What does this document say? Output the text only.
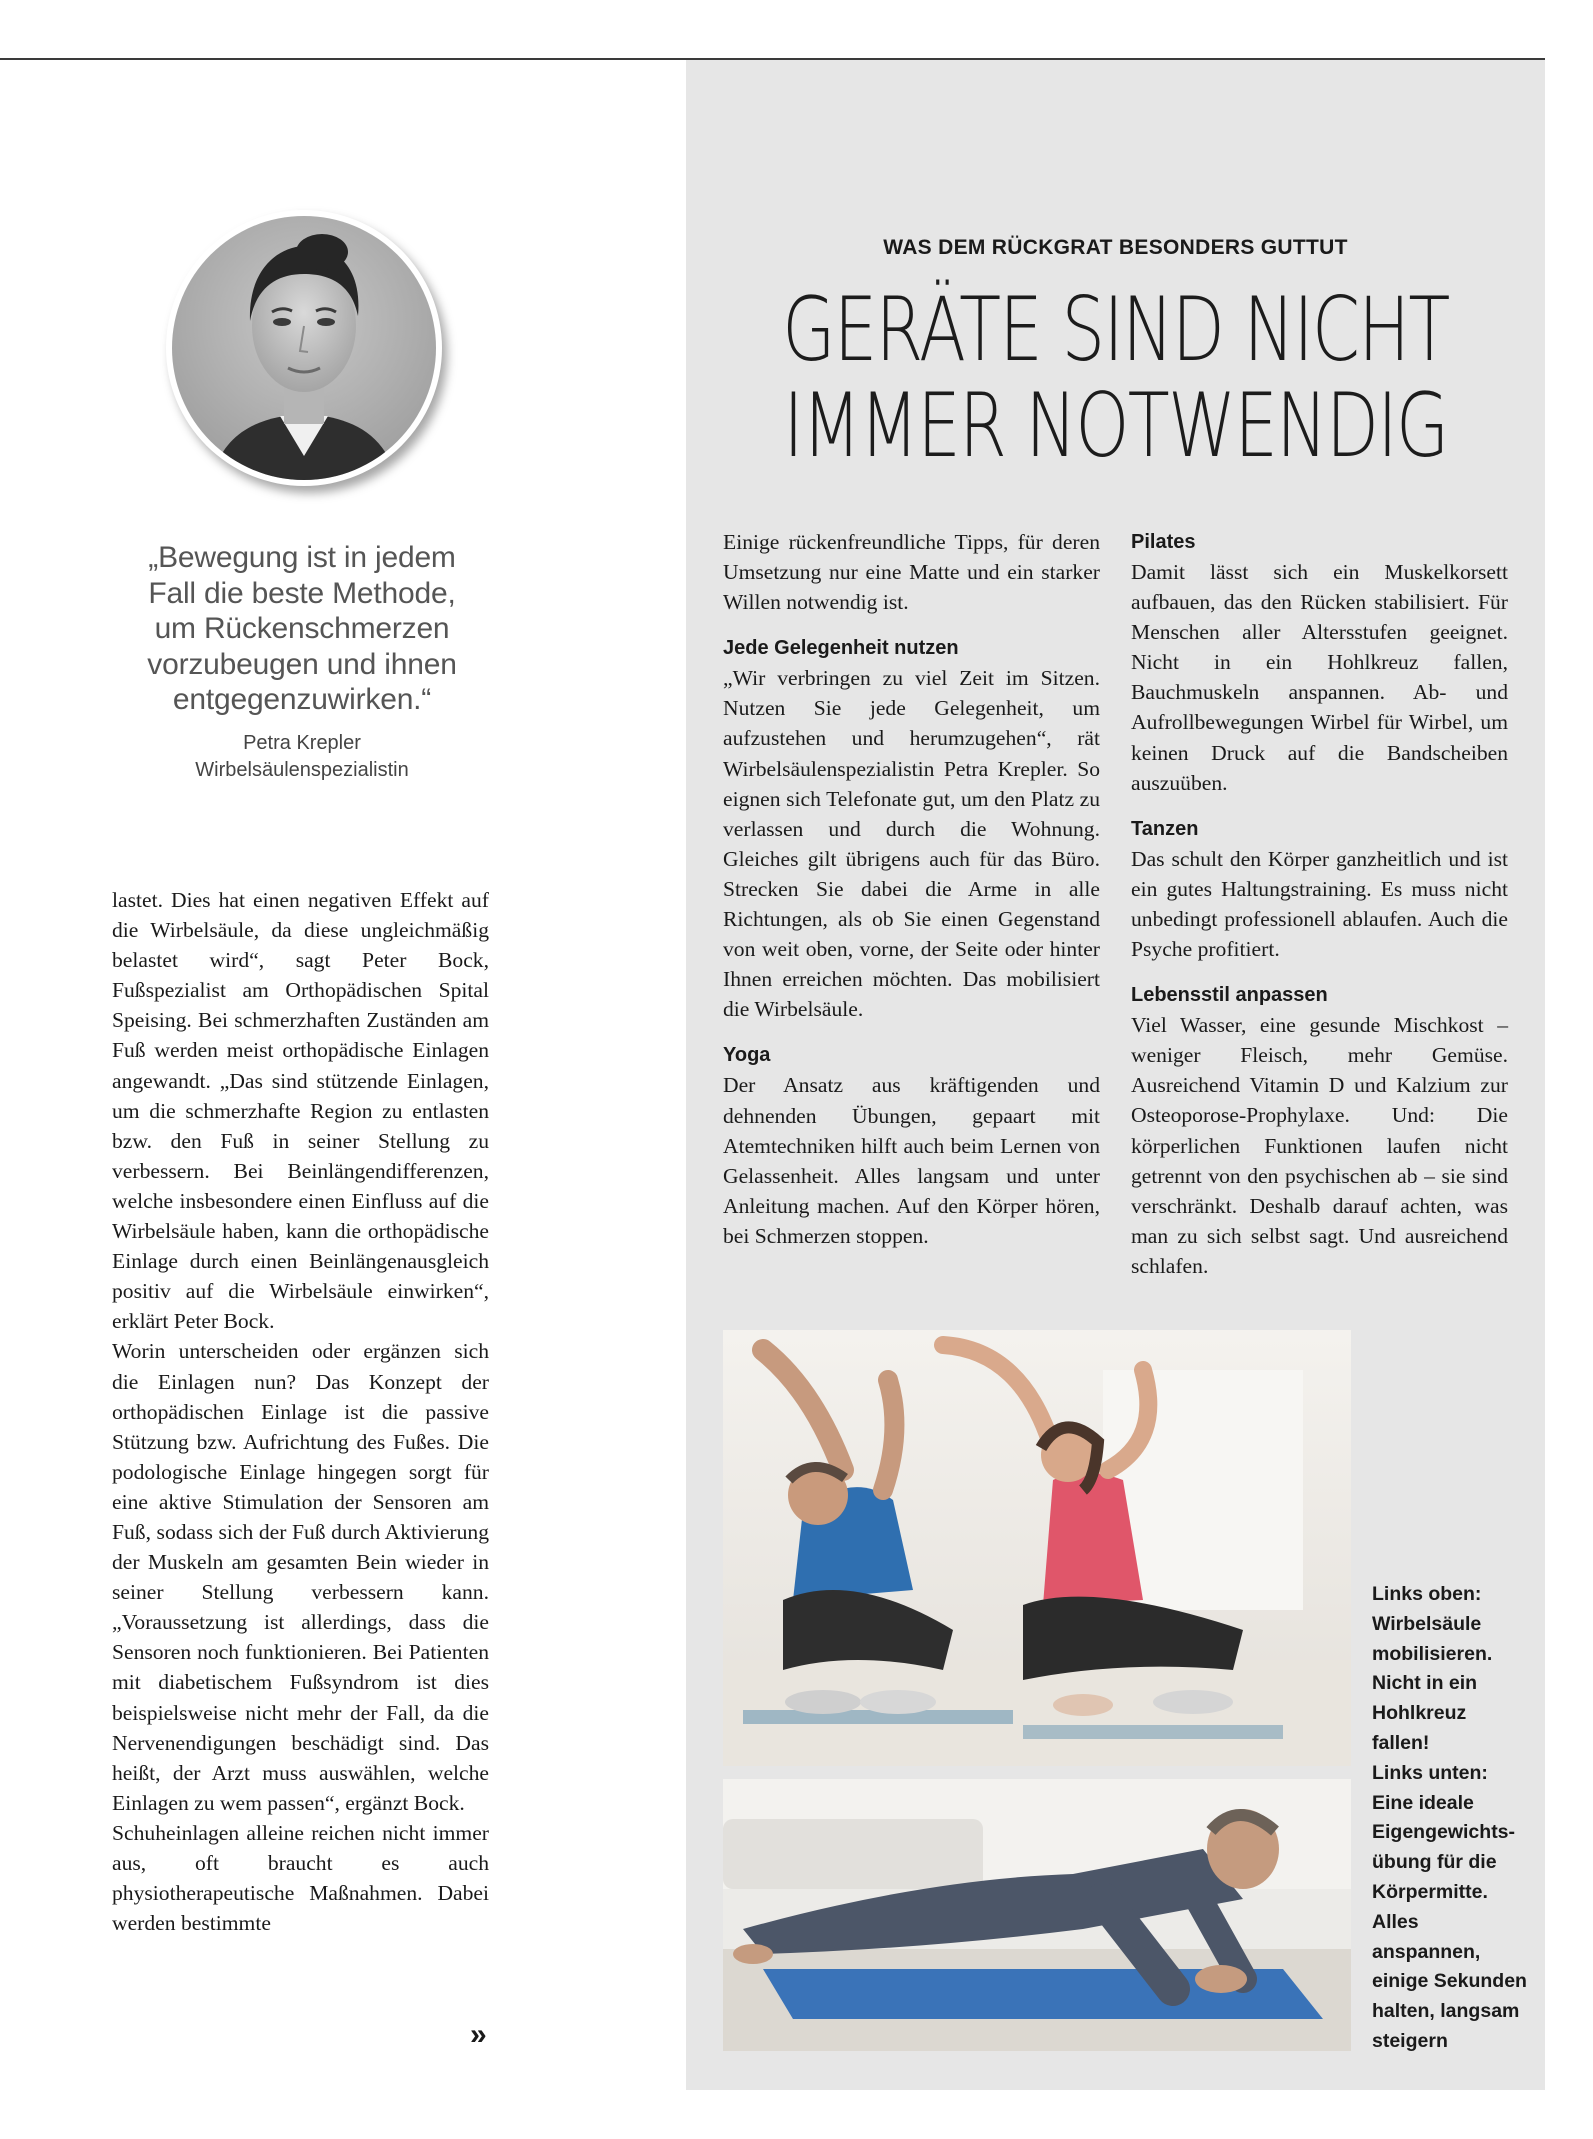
„Bewegung ist in jedem
Fall die beste Methode,
um Rückenschmerzen
vorzubeugen und ihnen
entgegenzuwirken.“
Petra Krepler
Wirbelsäulenspezialistin

lastet. Dies hat einen negativen Effekt auf die Wirbelsäule, da diese ungleichmäßig belastet wird“, sagt Peter Bock, Fußspezialist am Orthopädischen Spital Speising. Bei schmerzhaften Zuständen am Fuß werden meist orthopädische Einlagen angewandt. „Das sind stützende Einlagen, um die schmerzhafte Region zu entlasten bzw. den Fuß in seiner Stellung zu verbessern. Bei Beinlängendifferenzen, welche insbesondere einen Einfluss auf die Wirbelsäule haben, kann die orthopädische Einlage durch einen Beinlängenausgleich positiv auf die Wirbelsäule einwirken“, erklärt Peter Bock.

Worin unterscheiden oder ergänzen sich die Einlagen nun? Das Konzept der orthopädischen Einlage ist die passive Stützung bzw. Aufrichtung des Fußes. Die podologische Einlage hingegen sorgt für eine aktive Stimulation der Sensoren am Fuß, sodass sich der Fuß durch Aktivierung der Muskeln am gesamten Bein wieder in seiner Stellung verbessern kann. „Voraussetzung ist allerdings, dass die Sensoren noch funktionieren. Bei Patienten mit diabetischem Fußsyndrom ist dies beispielsweise nicht mehr der Fall, da die Nervenendigungen beschädigt sind. Das heißt, der Arzt muss auswählen, welche Einlagen zu wem passen“, ergänzt Bock.

Schuheinlagen alleine reichen nicht immer aus, oft braucht es auch physiotherapeutische Maßnahmen. Dabei werden bestimmte

»
WAS DEM RÜCKGRAT BESONDERS GUTTUT
GERÄTE SIND NICHT
IMMER NOTWENDIG

Einige rückenfreundliche Tipps, für deren Umsetzung nur eine Matte und ein starker Willen notwendig ist.

Jede Gelegenheit nutzen

„Wir verbringen zu viel Zeit im Sitzen. Nutzen Sie jede Gelegenheit, um aufzustehen und herumzugehen“, rät Wirbelsäulenspezialistin Petra Krepler. So eignen sich Telefonate gut, um den Platz zu verlassen und durch die Wohnung. Gleiches gilt übrigens auch für das Büro. Strecken Sie dabei die Arme in alle Richtungen, als ob Sie einen Gegenstand von weit oben, vorne, der Seite oder hinter Ihnen erreichen möchten. Das mobilisiert die Wirbelsäule.

Yoga

Der Ansatz aus kräftigenden und dehnenden Übungen, gepaart mit Atemtechniken hilft auch beim Lernen von Gelassenheit. Alles langsam und unter Anleitung machen. Auf den Körper hören, bei Schmerzen stoppen.

Pilates

Damit lässt sich ein Muskelkorsett aufbauen, das den Rücken stabilisiert. Für Menschen aller Altersstufen geeignet. Nicht in ein Hohlkreuz fallen, Bauchmuskeln anspannen. Ab- und Aufrollbewegungen Wirbel für Wirbel, um keinen Druck auf die Bandscheiben auszuüben.

Tanzen

Das schult den Körper ganzheitlich und ist ein gutes Haltungstraining. Es muss nicht unbedingt professionell ablaufen. Auch die Psyche profitiert.

Lebensstil anpassen

Viel Wasser, eine gesunde Mischkost – weniger Fleisch, mehr Gemüse. Ausreichend Vitamin D und Kalzium zur Osteoporose-Prophylaxe. Und: Die körperlichen Funktionen laufen nicht getrennt von den psychischen ab – sie sind verschränkt. Deshalb darauf achten, was man zu sich selbst sagt. Und ausreichend schlafen.

Links oben:

Wirbelsäule

mobilisieren.

Nicht in ein

Hohlkreuz

fallen!

Links unten:

Eine ideale

Eigengewichts-

übung für die

Körpermitte.

Alles

anspannen,

einige Sekunden

halten, langsam

steigern
